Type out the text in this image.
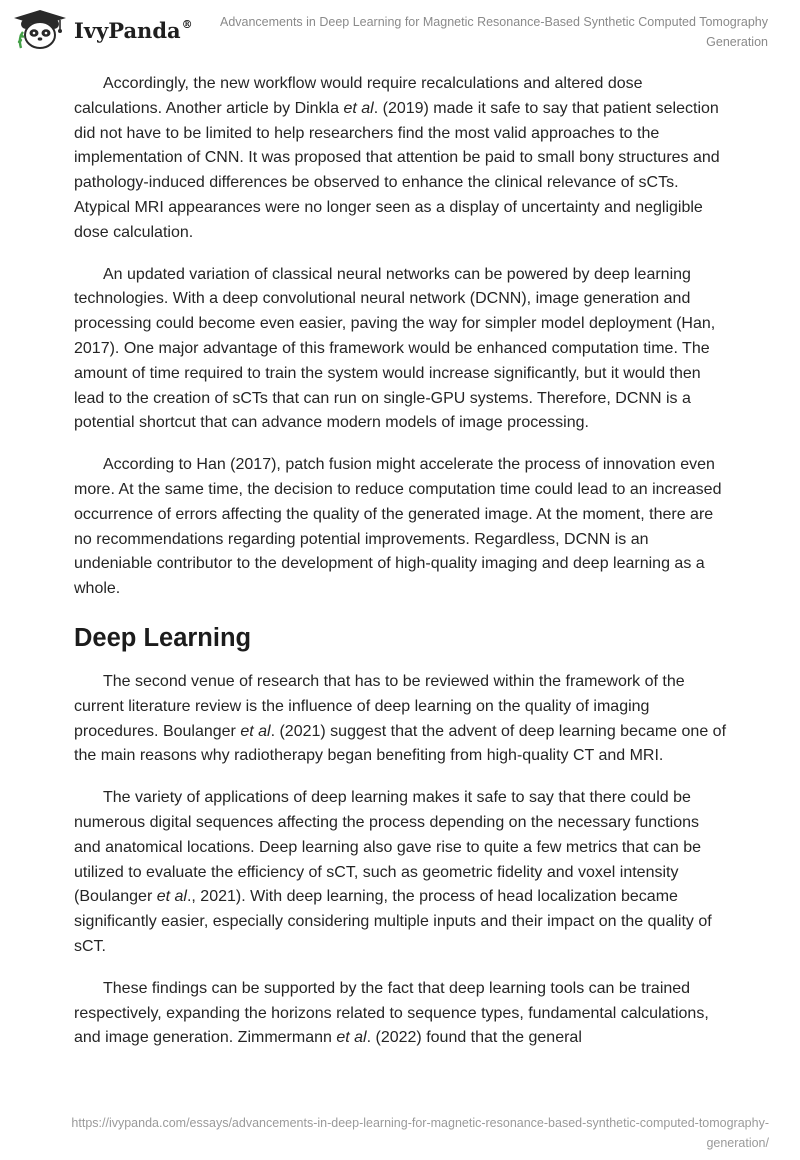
IvyPanda®	Advancements in Deep Learning for Magnetic Resonance-Based Synthetic Computed Tomography
Generation

Accordingly, the new workflow would require recalculations and altered dose calculations. Another article by Dinkla et al. (2019) made it safe to say that patient selection did not have to be limited to help researchers find the most valid approaches to the implementation of CNN. It was proposed that attention be paid to small bony structures and pathology-induced differences be observed to enhance the clinical relevance of sCTs. Atypical MRI appearances were no longer seen as a display of uncertainty and negligible dose calculation.

An updated variation of classical neural networks can be powered by deep learning technologies. With a deep convolutional neural network (DCNN), image generation and processing could become even easier, paving the way for simpler model deployment (Han, 2017). One major advantage of this framework would be enhanced computation time. The amount of time required to train the system would increase significantly, but it would then lead to the creation of sCTs that can run on single-GPU systems. Therefore, DCNN is a potential shortcut that can advance modern models of image processing.

According to Han (2017), patch fusion might accelerate the process of innovation even more. At the same time, the decision to reduce computation time could lead to an increased occurrence of errors affecting the quality of the generated image. At the moment, there are no recommendations regarding potential improvements. Regardless, DCNN is an undeniable contributor to the development of high-quality imaging and deep learning as a whole.

Deep Learning

The second venue of research that has to be reviewed within the framework of the current literature review is the influence of deep learning on the quality of imaging procedures. Boulanger et al. (2021) suggest that the advent of deep learning became one of the main reasons why radiotherapy began benefiting from high-quality CT and MRI.

The variety of applications of deep learning makes it safe to say that there could be numerous digital sequences affecting the process depending on the necessary functions and anatomical locations. Deep learning also gave rise to quite a few metrics that can be utilized to evaluate the efficiency of sCT, such as geometric fidelity and voxel intensity (Boulanger et al., 2021). With deep learning, the process of head localization became significantly easier, especially considering multiple inputs and their impact on the quality of sCT.

These findings can be supported by the fact that deep learning tools can be trained respectively, expanding the horizons related to sequence types, fundamental calculations, and image generation. Zimmermann et al. (2022) found that the general

https://ivypanda.com/essays/advancements-in-deep-learning-for-magnetic-resonance-based-synthetic-computed-tomography-
generation/
